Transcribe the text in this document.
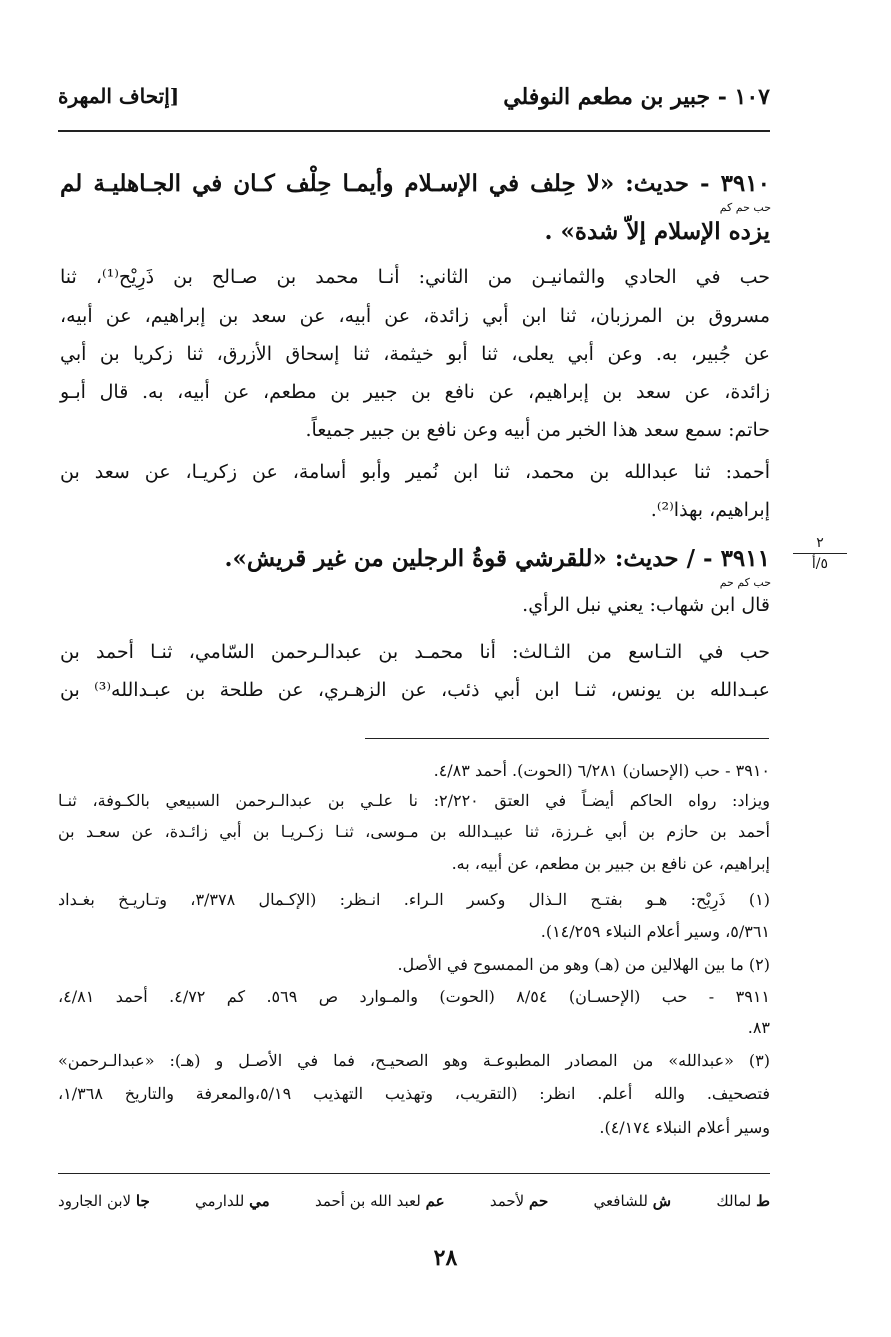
١٠٧ - جبير بن مطعم النوفلي
[إتحاف المهرة
٣٩١٠ - حديث: «لا حِلف في الإسـلام وأيمـا حِلْف كـان في الجـاهليـة لم
حب حم كم
يزده الإسلام إلاّ شدة» .
حب في الحادي والثمانيـن من الثاني: أنـا محمد بن صـالح بن ذَرِيْح⁽¹⁾، ثنا
مسروق بن المرزبان، ثنا ابن أبي زائدة، عن أبيه، عن سعد بن إبراهيم، عن أبيه،
عن جُبير، به. وعن أبي يعلى، ثنا أبو خيثمة، ثنا إسحاق الأزرق، ثنا زكريا بن أبي
زائدة، عن سعد بن إبراهيم، عن نافع بن جبير بن مطعم، عن أبيه، به. قال أبـو
حاتم: سمع سعد هذا الخبر من أبيه وعن نافع بن جبير جميعاً.
أحمد: ثنا عبدالله بن محمد، ثنا ابن نُمير وأبو أسامة، عن زكريـا، عن سعد بن
إبراهيم، بهذا⁽²⁾.
٢
٥/أ
٣٩١١ - / حديث: «للقرشي قوةُ الرجلين من غير قريش».
حب كم حم
قال ابن شهاب: يعني نبل الرأي.
حب في التـاسع من الثـالث: أنا محمـد بن عبدالـرحمن السّامي، ثنـا أحمد بن
عبـدالله بن يونس، ثنـا ابن أبي ذئب، عن الزهـري، عن طلحة بن عبـدالله⁽³⁾ بن
٣٩١٠ - حب (الإحسان) ٦/٢٨١ (الحوت). أحمد ٤/٨٣.
ويزاد: رواه الحاكم أيضـاً في العتق ٢/٢٢٠: نا علـي بن عبدالـرحمن السبيعي بالكـوفة، ثنـا
أحمد بن حازم بن أبي غـرزة، ثنا عبيـدالله بن مـوسى، ثنـا زكـريـا بن أبي زائـدة، عن سعـد بن
إبراهيم، عن نافع بن جبير بن مطعم، عن أبيه، به.
(١) ذَرِيْح: هـو بفتـح الـذال وكسر الـراء. انـظر: (الإكـمال ٣/٣٧٨، وتـاريـخ بغـداد
٥/٣٦١، وسير أعلام النبلاء ١٤/٢٥٩).
(٢) ما بين الهلالين من (هـ) وهو من الممسوح في الأصل.
٣٩١١ - حب (الإحسـان) ٨/٥٤ (الحوت) والمـوارد ص ٥٦٩. كم ٤/٧٢. أحمد ٤/٨١،
٨٣.
(٣) «عبدالله» من المصادر المطبوعـة وهو الصحيـح، فما في الأصـل و (هـ): «عبدالـرحمن»
فتصحيف. والله أعلم. انظر: (التقريب، وتهذيب التهذيب ٥/١٩،والمعرفة والتاريخ ١/٣٦٨،
وسير أعلام النبلاء ٤/١٧٤).
ط لمالك
ش للشافعي
حم لأحمد
عم لعبد الله بن أحمد
مي للدارمي
جا لابن الجارود
٢٨
